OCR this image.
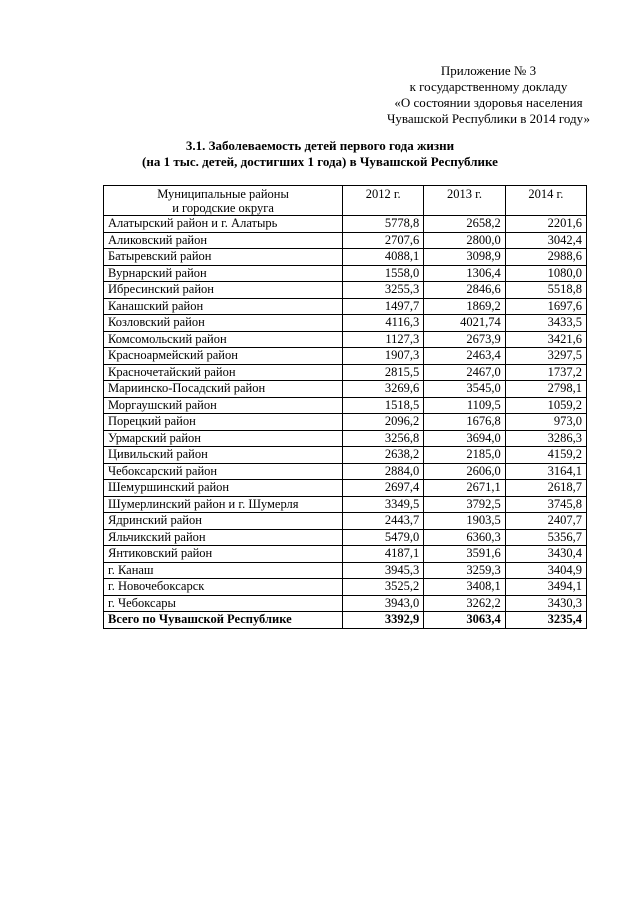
Приложение № 3
к государственному докладу
«О состоянии здоровья населения
Чувашской Республики в 2014 году»
3.1. Заболеваемость детей первого года жизни
(на 1 тыс. детей, достигших 1 года) в Чувашской Республике
Муниципальные районы
и городские округа	2012 г.	2013 г.	2014 г.
Алатырский район и г. Алатырь	5778,8	2658,2	2201,6
Аликовский район	2707,6	2800,0	3042,4
Батыревский район	4088,1	3098,9	2988,6
Вурнарский район	1558,0	1306,4	1080,0
Ибресинский район	3255,3	2846,6	5518,8
Канашский район	1497,7	1869,2	1697,6
Козловский район	4116,3	4021,74	3433,5
Комсомольский район	1127,3	2673,9	3421,6
Красноармейский район	1907,3	2463,4	3297,5
Красночетайский район	2815,5	2467,0	1737,2
Мариинско-Посадский район	3269,6	3545,0	2798,1
Моргаушский район	1518,5	1109,5	1059,2
Порецкий район	2096,2	1676,8	973,0
Урмарский район	3256,8	3694,0	3286,3
Цивильский район	2638,2	2185,0	4159,2
Чебоксарский район	2884,0	2606,0	3164,1
Шемуршинский район	2697,4	2671,1	2618,7
Шумерлинский район и г. Шумерля	3349,5	3792,5	3745,8
Ядринский район	2443,7	1903,5	2407,7
Яльчикский район	5479,0	6360,3	5356,7
Янтиковский район	4187,1	3591,6	3430,4
г. Канаш	3945,3	3259,3	3404,9
г. Новочебоксарск	3525,2	3408,1	3494,1
г. Чебоксары	3943,0	3262,2	3430,3
Всего по Чувашской Республике	3392,9	3063,4	3235,4
